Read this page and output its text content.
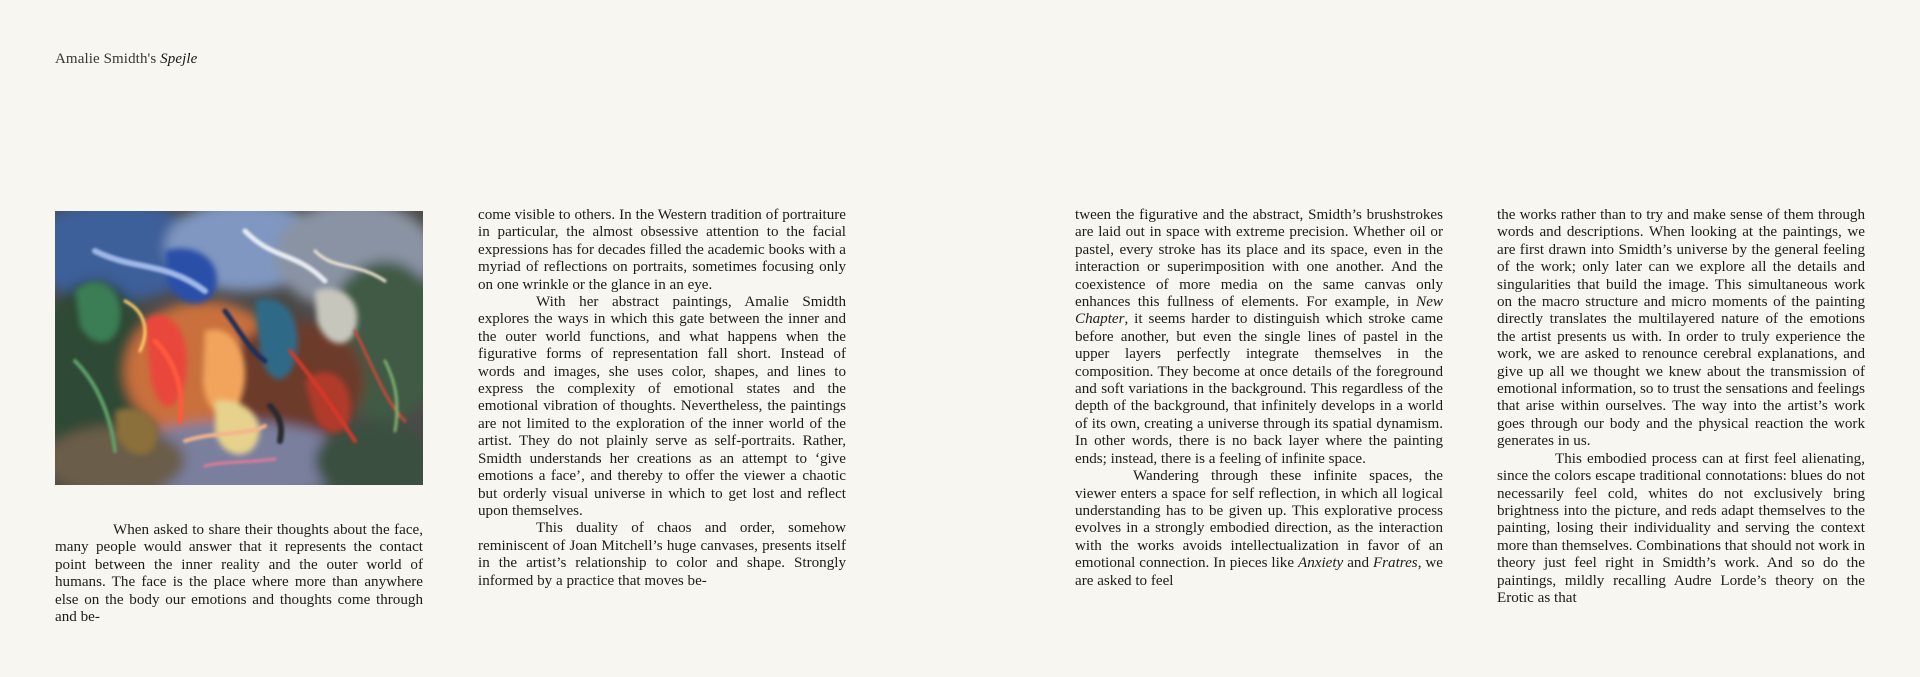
Amalie Smidth's Spejle

When asked to share their thoughts about the face, many people would answer that it represents the contact point between the inner reality and the outer world of humans. The face is the place where more than anywhere else on the body our emotions and thoughts come through and be-

come visible to others. In the Western tradition of portraiture in particular, the almost obsessive attention to the facial expressions has for decades filled the academic books with a myriad of reflections on portraits, sometimes focusing only on one wrinkle or the glance in an eye.

With her abstract paintings, Amalie Smidth explores the ways in which this gate between the inner and the outer world functions, and what happens when the figurative forms of representation fall short. Instead of words and images, she uses color, shapes, and lines to express the complexity of emotional states and the emotional vibration of thoughts. Nevertheless, the paintings are not limited to the exploration of the inner world of the artist. They do not plainly serve as self-portraits. Rather, Smidth understands her creations as an attempt to ‘give emotions a face’, and thereby to offer the viewer a chaotic but orderly visual universe in which to get lost and reflect upon themselves.

This duality of chaos and order, somehow reminiscent of Joan Mitchell’s huge canvases, presents itself in the artist’s relationship to color and shape. Strongly informed by a practice that moves be-

tween the figurative and the abstract, Smidth’s brushstrokes are laid out in space with extreme precision. Whether oil or pastel, every stroke has its place and its space, even in the interaction or superimposition with one another. And the coexistence of more media on the same canvas only enhances this fullness of elements. For example, in New Chapter, it seems harder to distinguish which stroke came before another, but even the single lines of pastel in the upper layers perfectly integrate themselves in the composition. They become at once details of the foreground and soft variations in the background. This regardless of the depth of the background, that infinitely develops in a world of its own, creating a universe through its spatial dynamism. In other words, there is no back layer where the painting ends; instead, there is a feeling of infinite space.

Wandering through these infinite spaces, the viewer enters a space for self reflection, in which all logical understanding has to be given up. This explorative process evolves in a strongly embodied direction, as the interaction with the works avoids intellectualization in favor of an emotional connection. In pieces like Anxiety and Fratres, we are asked to feel

the works rather than to try and make sense of them through words and descriptions. When looking at the paintings, we are first drawn into Smidth’s universe by the general feeling of the work; only later can we explore all the details and singularities that build the image. This simultaneous work on the macro structure and micro moments of the painting directly translates the multilayered nature of the emotions the artist presents us with. In order to truly experience the work, we are asked to renounce cerebral explanations, and give up all we thought we knew about the transmission of emotional information, so to trust the sensations and feelings that arise within ourselves. The way into the artist’s work goes through our body and the physical reaction the work generates in us.

This embodied process can at first feel alienating, since the colors escape traditional connotations: blues do not necessarily feel cold, whites do not exclusively bring brightness into the picture, and reds adapt themselves to the painting, losing their individuality and serving the context more than themselves. Combinations that should not work in theory just feel right in Smidth’s work. And so do the paintings, mildly recalling Audre Lorde’s theory on the Erotic as that
